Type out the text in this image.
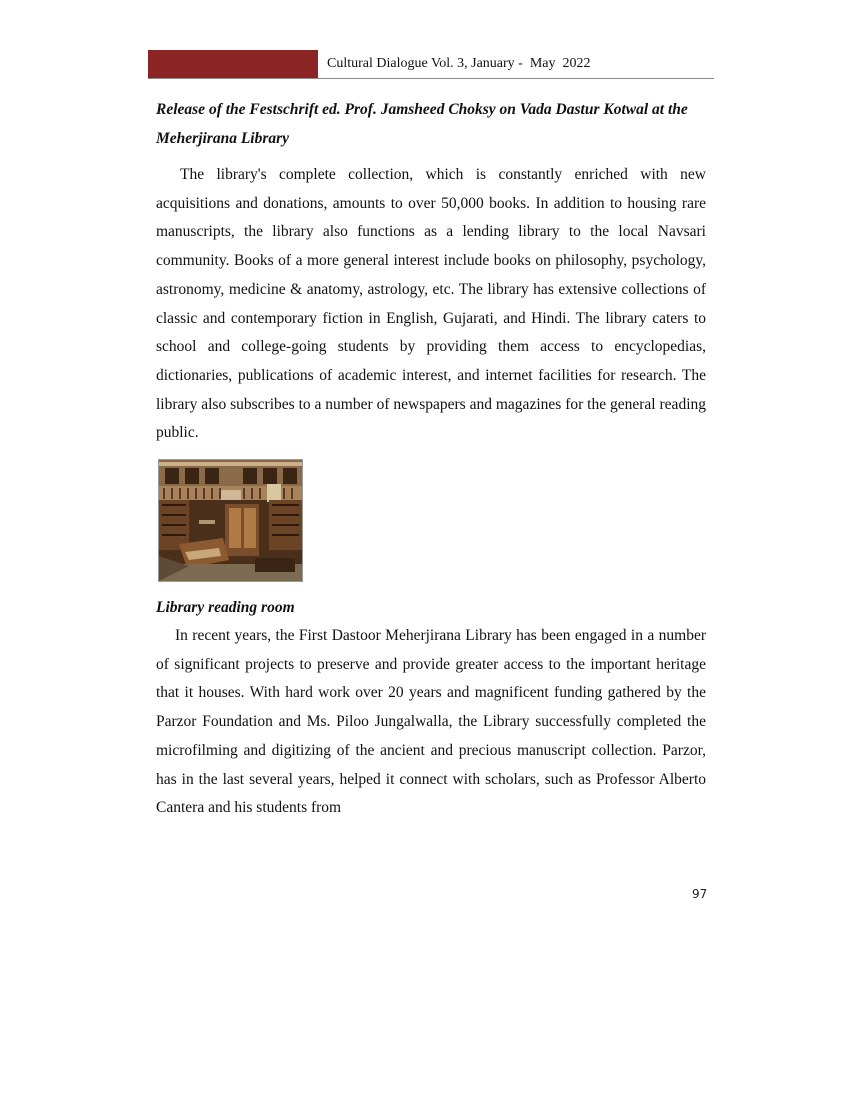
Cultural Dialogue Vol. 3, January -  May  2022

Release of the Festschrift ed. Prof. Jamsheed Choksy on Vada Dastur Kotwal at the Meherjirana Library

The library's complete collection, which is constantly enriched with new acquisitions and donations, amounts to over 50,000 books. In addition to housing rare manuscripts, the library also functions as a lending library to the local Navsari community. Books of a more general interest include books on philosophy, psychology, astronomy, medicine & anatomy, astrology, etc. The library has extensive collections of classic and contemporary fiction in English, Gujarati, and Hindi. The library caters to school and college-going students by providing them access to encyclopedias, dictionaries, publications of academic interest, and internet facilities for research. The library also subscribes to a number of newspapers and magazines for the general reading public.

Library reading room

In recent years, the First Dastoor Meherjirana Library has been engaged in a number of significant projects to preserve and provide greater access to the important heritage that it houses. With hard work over 20 years and magnificent funding gathered by the Parzor Foundation and Ms. Piloo Jungalwalla, the Library successfully completed the microfilming and digitizing of the ancient and precious manuscript collection. Parzor, has in the last several years, helped it connect with scholars, such as Professor Alberto Cantera and his students from

97
